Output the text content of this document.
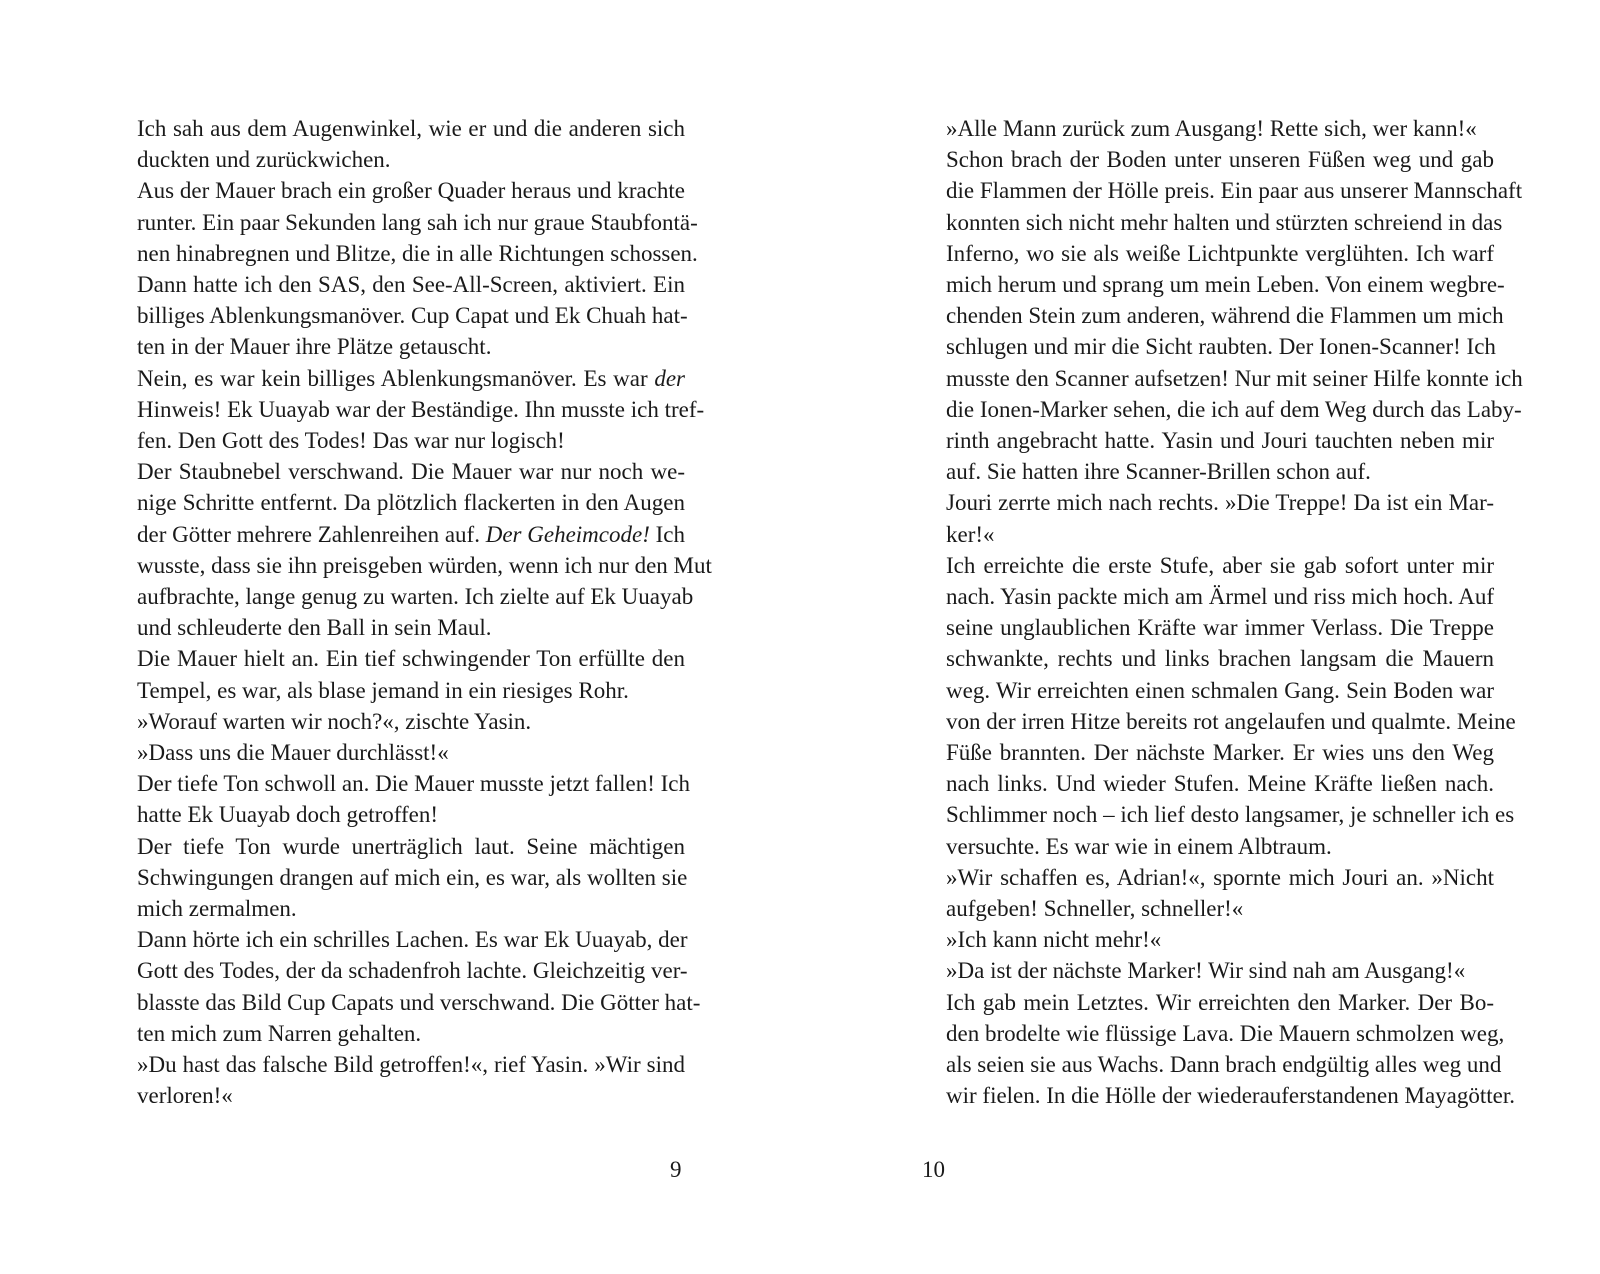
Ich sah aus dem Augenwinkel, wie er und die anderen sich
duckten und zurückwichen.

Aus der Mauer brach ein großer Quader heraus und krachte
runter. Ein paar Sekunden lang sah ich nur graue Staubfontä-
nen hinabregnen und Blitze, die in alle Richtungen schossen.
Dann hatte ich den SAS, den See-All-Screen, aktiviert. Ein
billiges Ablenkungsmanöver. Cup Capat und Ek Chuah hat-
ten in der Mauer ihre Plätze getauscht.

Nein, es war kein billiges Ablenkungsmanöver. Es war der
Hinweis! Ek Uuayab war der Beständige. Ihn musste ich tref-
fen. Den Gott des Todes! Das war nur logisch!

Der Staubnebel verschwand. Die Mauer war nur noch we-
nige Schritte entfernt. Da plötzlich flackerten in den Augen
der Götter mehrere Zahlenreihen auf. Der Geheimcode! Ich
wusste, dass sie ihn preisgeben würden, wenn ich nur den Mut
aufbrachte, lange genug zu warten. Ich zielte auf Ek Uuayab
und schleuderte den Ball in sein Maul.

Die Mauer hielt an. Ein tief schwingender Ton erfüllte den
Tempel, es war, als blase jemand in ein riesiges Rohr.

»Worauf warten wir noch?«, zischte Yasin.

»Dass uns die Mauer durchlässt!«

Der tiefe Ton schwoll an. Die Mauer musste jetzt fallen! Ich
hatte Ek Uuayab doch getroffen!

Der tiefe Ton wurde unerträglich laut. Seine mächtigen
Schwingungen drangen auf mich ein, es war, als wollten sie
mich zermalmen.

Dann hörte ich ein schrilles Lachen. Es war Ek Uuayab, der
Gott des Todes, der da schadenfroh lachte. Gleichzeitig ver-
blasste das Bild Cup Capats und verschwand. Die Götter hat-
ten mich zum Narren gehalten.

»Du hast das falsche Bild getroffen!«, rief Yasin. »Wir sind
verloren!«

»Alle Mann zurück zum Ausgang! Rette sich, wer kann!«

Schon brach der Boden unter unseren Füßen weg und gab
die Flammen der Hölle preis. Ein paar aus unserer Mannschaft
konnten sich nicht mehr halten und stürzten schreiend in das
Inferno, wo sie als weiße Lichtpunkte verglühten. Ich warf
mich herum und sprang um mein Leben. Von einem wegbre-
chenden Stein zum anderen, während die Flammen um mich
schlugen und mir die Sicht raubten. Der Ionen-Scanner! Ich
musste den Scanner aufsetzen! Nur mit seiner Hilfe konnte ich
die Ionen-Marker sehen, die ich auf dem Weg durch das Laby-
rinth angebracht hatte. Yasin und Jouri tauchten neben mir
auf. Sie hatten ihre Scanner-Brillen schon auf.

Jouri zerrte mich nach rechts. »Die Treppe! Da ist ein Mar-
ker!«

Ich erreichte die erste Stufe, aber sie gab sofort unter mir
nach. Yasin packte mich am Ärmel und riss mich hoch. Auf
seine unglaublichen Kräfte war immer Verlass. Die Treppe
schwankte, rechts und links brachen langsam die Mauern
weg. Wir erreichten einen schmalen Gang. Sein Boden war
von der irren Hitze bereits rot angelaufen und qualmte. Meine
Füße brannten. Der nächste Marker. Er wies uns den Weg
nach links. Und wieder Stufen. Meine Kräfte ließen nach.
Schlimmer noch – ich lief desto langsamer, je schneller ich es
versuchte. Es war wie in einem Albtraum.

»Wir schaffen es, Adrian!«, spornte mich Jouri an. »Nicht
aufgeben! Schneller, schneller!«

»Ich kann nicht mehr!«

»Da ist der nächste Marker! Wir sind nah am Ausgang!«

Ich gab mein Letztes. Wir erreichten den Marker. Der Bo-
den brodelte wie flüssige Lava. Die Mauern schmolzen weg,
als seien sie aus Wachs. Dann brach endgültig alles weg und
wir fielen. In die Hölle der wiederauferstandenen Mayagötter.

9	10
